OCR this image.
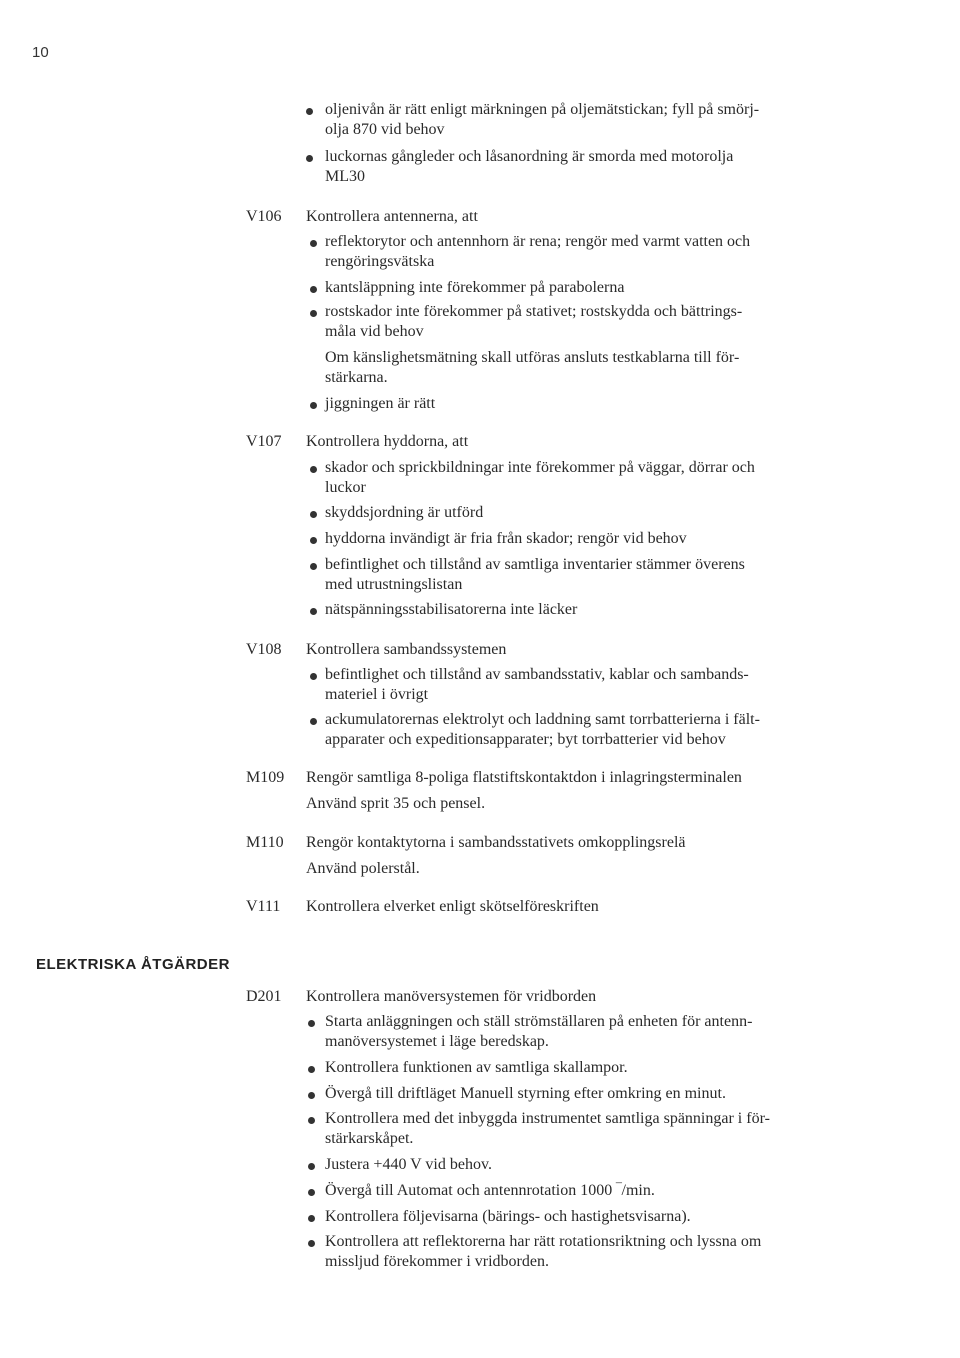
10
oljenivån är rätt enligt märkningen på oljemätstickan; fyll på smörj-
olja 870 vid behov
luckornas gångleder och låsanordning är smorda med motorolja
ML30
V106 Kontrollera antennerna, att
reflektorytor och antennhorn är rena; rengör med varmt vatten och
rengöringsvätska
kantsläppning inte förekommer på parabolerna
rostskador inte förekommer på stativet; rostskydda och bättrings-
måla vid behov
Om känslighetsmätning skall utföras ansluts testkablarna till för-
stärkarna.
jiggningen är rätt
V107 Kontrollera hyddorna, att
skador och sprickbildningar inte förekommer på väggar, dörrar och
luckor
skyddsjordning är utförd
hyddorna invändigt är fria från skador; rengör vid behov
befintlighet och tillstånd av samtliga inventarier stämmer överens
med utrustningslistan
nätspänningsstabilisatorerna inte läcker
V108 Kontrollera sambandssystemen
befintlighet och tillstånd av sambandsstativ, kablar och sambands-
materiel i övrigt
ackumulatorernas elektrolyt och laddning samt torrbatterierna i fält-
apparater och expeditionsapparater; byt torrbatterier vid behov
M109 Rengör samtliga 8-poliga flatstiftskontaktdon i inlagringsterminalen
Använd sprit 35 och pensel.
M110 Rengör kontaktytorna i sambandsstativets omkopplingsrelä
Använd polerstål.
V111 Kontrollera elverket enligt skötselföreskriften
ELEKTRISKA ÅTGÄRDER
D201 Kontrollera manöversystemen för vridborden
Starta anläggningen och ställ strömställaren på enheten för antenn-
manöversystemet i läge beredskap.
Kontrollera funktionen av samtliga skallampor.
Övergå till driftläget Manuell styrning efter omkring en minut.
Kontrollera med det inbyggda instrumentet samtliga spänningar i för-
stärkarskåpet.
Justera +440 V vid behov.
Övergå till Automat och antennrotation 1000 ‾/min.
Kontrollera följevisarna (bärings- och hastighetsvisarna).
Kontrollera att reflektorerna har rätt rotationsriktning och lyssna om
missljud förekommer i vridborden.
